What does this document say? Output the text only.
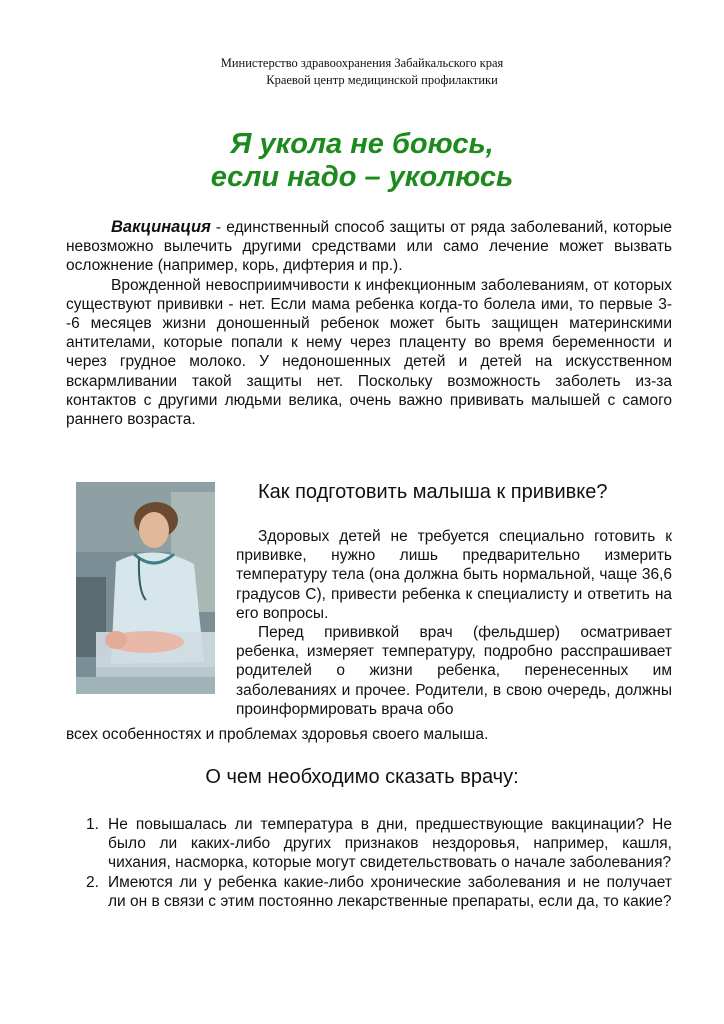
Министерство здравоохранения Забайкальского края
Краевой центр медицинской профилактики
Я укола не боюсь,
если надо – уколюсь

Вакцинация - единственный способ защиты от ряда заболеваний, которые невозможно вылечить другими средствами или само лечение может вызвать осложнение (например, корь, дифтерия и пр.).

Врожденной невосприимчивости к инфекционным заболеваниям, от которых существуют прививки - нет. Если мама ребенка когда-то болела ими, то первые 3--6 месяцев жизни доношенный ребенок может быть защищен материнскими антителами, которые попали к нему через плаценту во время беременности и через грудное молоко. У недоношенных детей и детей на искусственном вскармливании такой защиты нет. Поскольку возможность заболеть из-за контактов с другими людьми велика, очень важно прививать малышей с самого раннего возраста.

Как подготовить малыша к прививке?

Здоровых детей не требуется специально готовить к прививке, нужно лишь предварительно измерить температуру тела (она должна быть нормальной, чаще 36,6 градусов С), привести ребенка к специалисту и ответить на его вопросы.

Перед прививкой врач (фельдшер) осматривает ребенка, измеряет температуру, подробно расспрашивает родителей о жизни ребенка, перенесенных им заболеваниях и прочее. Родители, в свою очередь, должны проинформировать врача обо

всех особенностях и проблемах здоровья своего малыша.
О чем необходимо сказать врачу:
1. Не повышалась ли температура в дни, предшествующие вакцинации? Не было ли каких-либо других признаков нездоровья, например, кашля, чихания, насморка, которые могут свидетельствовать о начале заболевания?
2. Имеются ли у ребенка какие-либо хронические заболевания и не получает ли он в связи с этим постоянно лекарственные препараты, если да, то какие?
